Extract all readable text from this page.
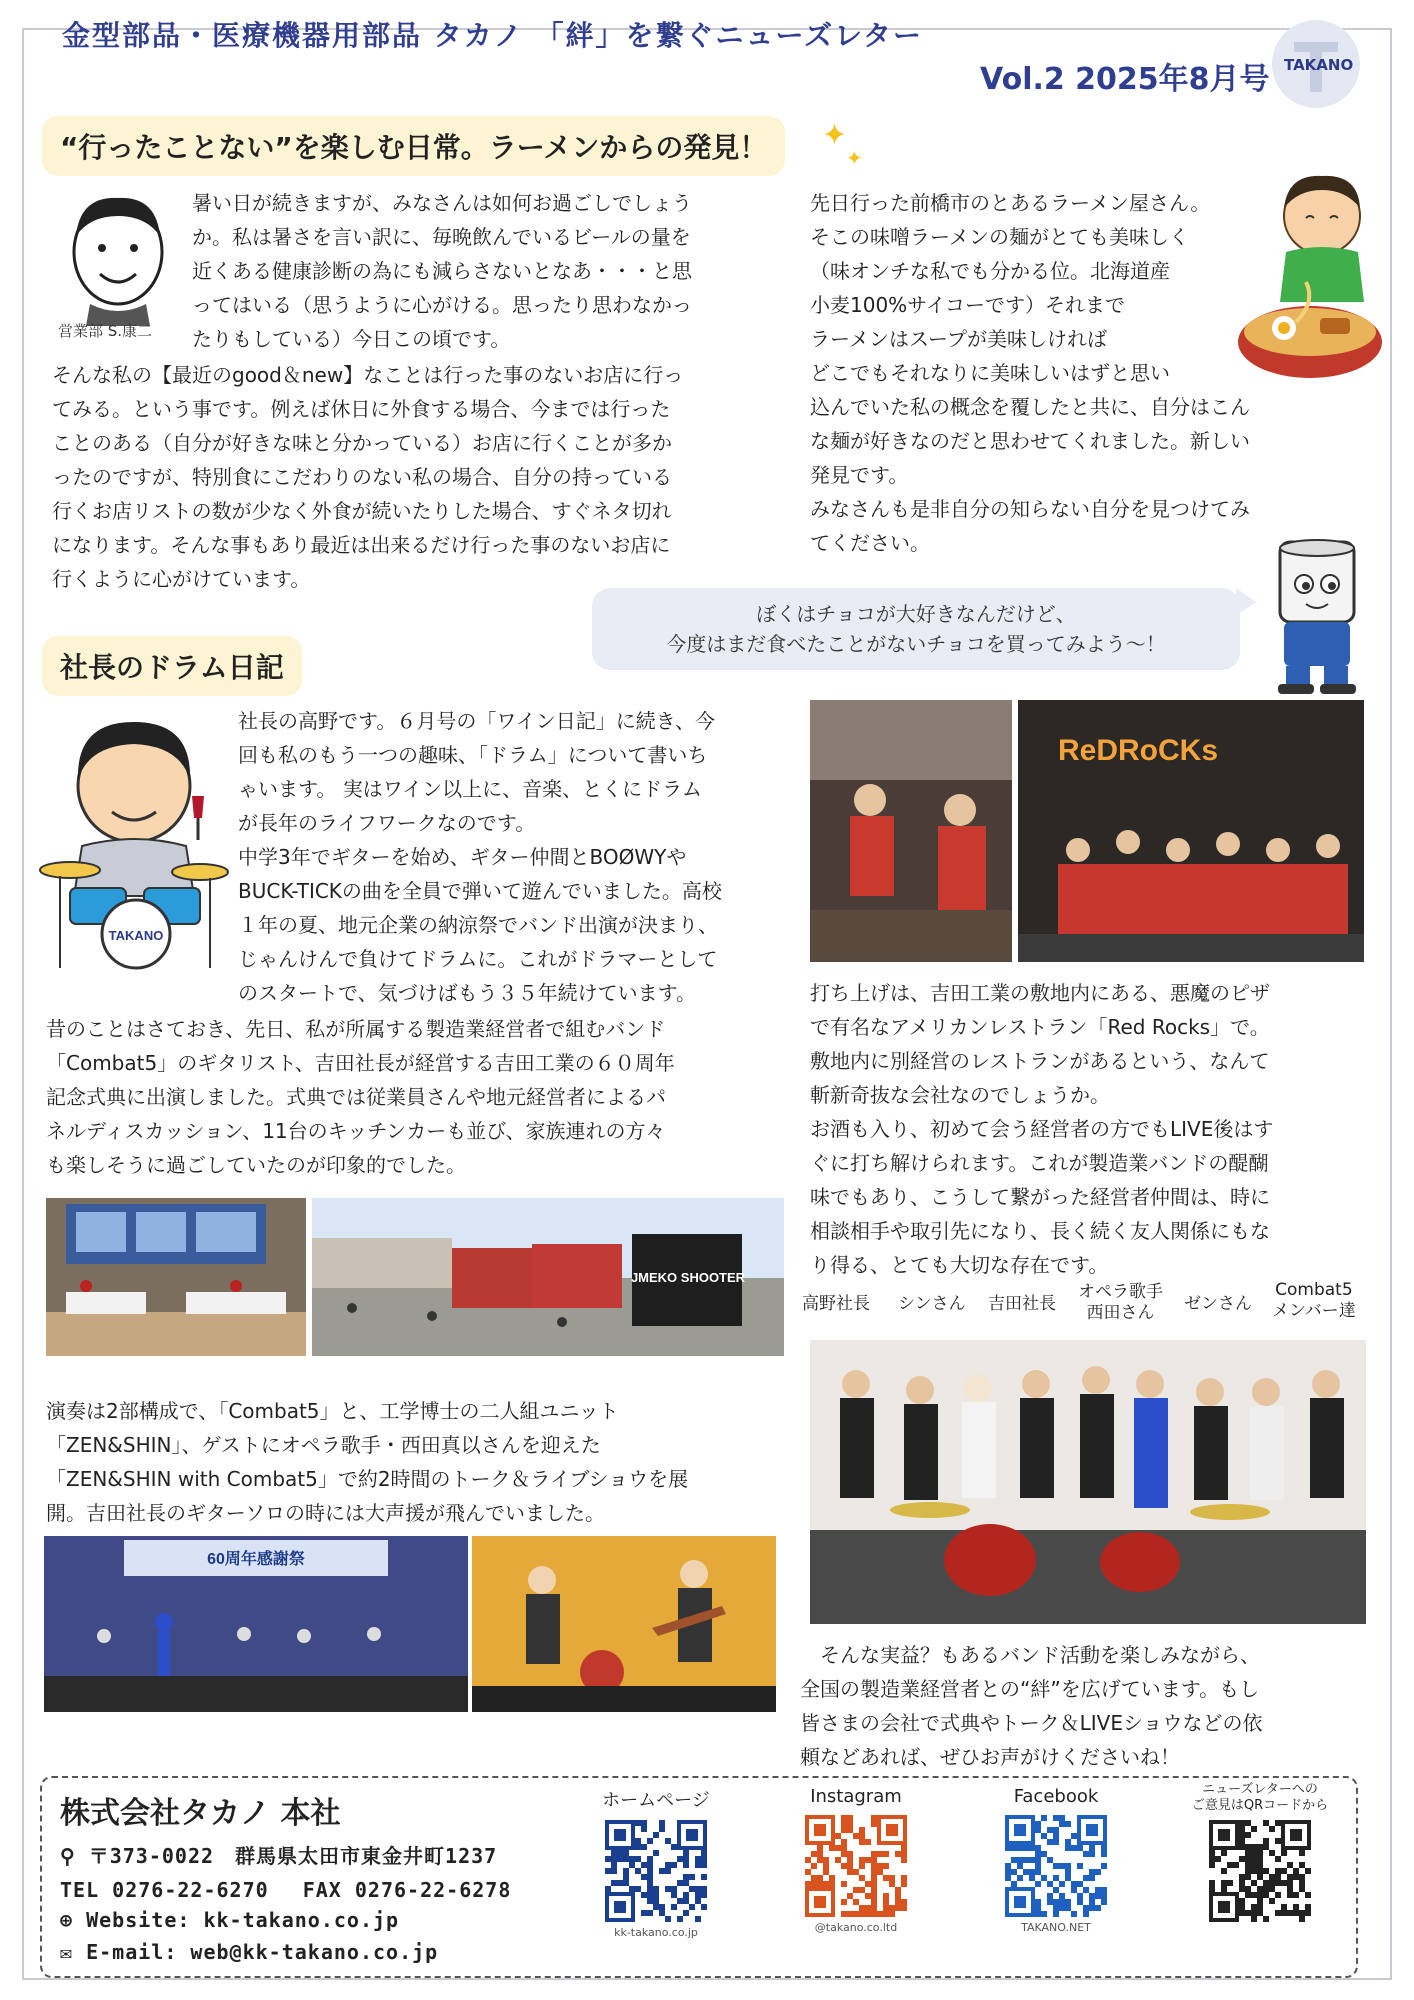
金型部品・医療機器用部品 タカノ 「絆」を繋ぐニューズレター
Vol.2 2025年8月号 TAKANO
“行ったことない”を楽しむ日常。ラーメンからの発見！	✦
✦
営業部 S.康二
暑い日が続きますが、みなさんは如何お過ごしでしょう
か。私は暑さを言い訳に、毎晩飲んでいるビールの量を
近くある健康診断の為にも減らさないとなあ・・・と思
ってはいる（思うように心がける。思ったり思わなかっ
たりもしている）今日この頃です。
そんな私の【最近のgood＆new】なことは行った事のないお店に行っ
てみる。という事です。例えば休日に外食する場合、今までは行った
ことのある（自分が好きな味と分かっている）お店に行くことが多か
ったのですが、特別食にこだわりのない私の場合、自分の持っている
行くお店リストの数が少なく外食が続いたりした場合、すぐネタ切れ
になります。そんな事もあり最近は出来るだけ行った事のないお店に
行くように心がけています。
先日行った前橋市のとあるラーメン屋さん。
そこの味噌ラーメンの麺がとても美味しく
（味オンチな私でも分かる位。北海道産
小麦100%サイコーです）それまで
ラーメンはスープが美味しければ
どこでもそれなりに美味しいはずと思い
込んでいた私の概念を覆したと共に、自分はこん
な麺が好きなのだと思わせてくれました。新しい
発見です。
みなさんも是非自分の知らない自分を見つけてみ
てください。
ぼくはチョコが大好きなんだけど、
今度はまだ食べたことがないチョコを買ってみよう～！
社長のドラム日記
TAKANO
社長の高野です。６月号の「ワイン日記」に続き、今
回も私のもう一つの趣味、「ドラム」について書いち
ゃいます。 実はワイン以上に、音楽、とくにドラム
が長年のライフワークなのです。
中学3年でギターを始め、ギター仲間とBOØWYや
BUCK-TICKの曲を全員で弾いて遊んでいました。高校
１年の夏、地元企業の納涼祭でバンド出演が決まり、
じゃんけんで負けてドラムに。これがドラマーとして
のスタートで、気づけばもう３５年続けています。
昔のことはさておき、先日、私が所属する製造業経営者で組むバンド
「Combat5」のギタリスト、吉田社長が経営する吉田工業の６０周年
記念式典に出演しました。式典では従業員さんや地元経営者によるパ
ネルディスカッション、11台のキッチンカーも並び、家族連れの方々
も楽しそうに過ごしていたのが印象的でした。
JMEKO SHOOTER
演奏は2部構成で、「Combat5」と、工学博士の二人組ユニット
「ZEN&SHIN」、ゲストにオペラ歌手・西田真以さんを迎えた
「ZEN&SHIN with Combat5」で約2時間のトーク＆ライブショウを展
開。吉田社長のギターソロの時には大声援が飛んでいました。
60周年感謝祭
ReDRoCKs
打ち上げは、吉田工業の敷地内にある、悪魔のピザ
で有名なアメリカンレストラン「Red Rocks」で。
敷地内に別経営のレストランがあるという、なんて
斬新奇抜な会社なのでしょうか。
お酒も入り、初めて会う経営者の方でもLIVE後はす
ぐに打ち解けられます。これが製造業バンドの醍醐
味でもあり、こうして繋がった経営者仲間は、時に
相談相手や取引先になり、長く続く友人関係にもな
り得る、とても大切な存在です。
高野社長 シンさん 吉田社長
オペラ歌手
西田さん	ゼンさん
Combat5
メンバー達
　そんな実益？もあるバンド活動を楽しみながら、
全国の製造業経営者との“絆”を広げています。もし
皆さまの会社で式典やトーク＆LIVEショウなどの依
頼などあれば、ぜひお声がけくださいね！
株式会社タカノ 本社
⚲ 〒373-0022　群馬県太田市東金井町1237
TEL 0276-22-6270　 FAX 0276-22-6278
⊕ Website: kk-takano.co.jp
✉ E-mail: web@kk-takano.co.jp
ホームページ
kk-takano.co.jp
Instagram
@takano.co.ltd
Facebook
TAKANO.NET
ニューズレターへの
ご意見はQRコードから
